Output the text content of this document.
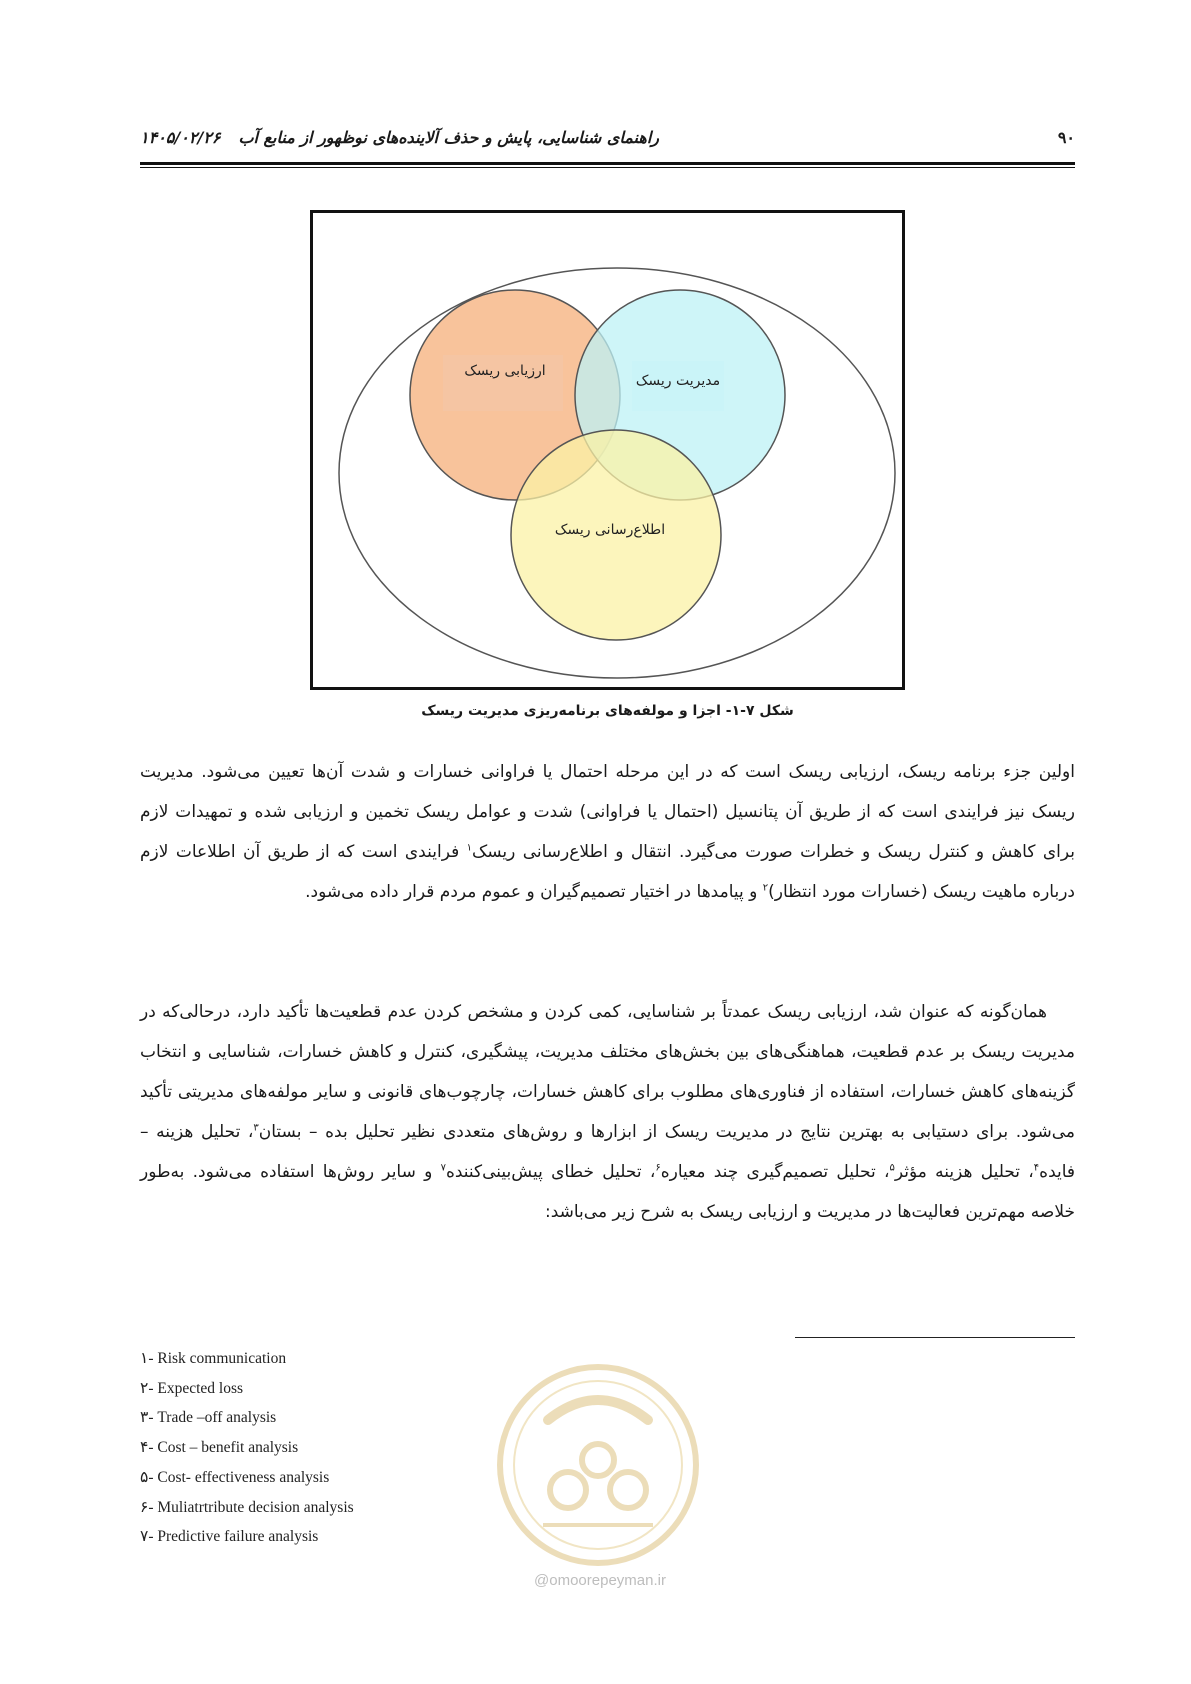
راهنمای شناسایی، پایش و حذف آلاینده‌های نوظهور از منابع آب۱۴۰۵/۰۲/۲۶	۹۰
ارزیابی ریسک
مدیریت ریسک
اطلاع‌رسانی ریسک
شکل ۷-۱- اجزا و مولفه‌های برنامه‌ریزی مدیریت ریسک
اولین جزء برنامه ریسک، ارزیابی ریسک است که در این مرحله احتمال یا فراوانی خسارات و شدت آن‌ها تعیین می‌شود. مدیریت ریسک نیز فرایندی است که از طریق آن پتانسیل (احتمال یا فراوانی) شدت و عوامل ریسک تخمین و ارزیابی شده و تمهیدات لازم برای کاهش و کنترل ریسک و خطرات صورت می‌گیرد. انتقال و اطلاع‌رسانی ریسک$^۱$ فرایندی است که از طریق آن اطلاعات لازم درباره ماهیت ریسک (خسارات مورد انتظار)$^۲$ و پیامدها در اختیار تصمیم‌گیران و عموم مردم قرار داده می‌شود.
همان‌گونه که عنوان شد، ارزیابی ریسک عمدتاً بر شناسایی، کمی کردن و مشخص کردن عدم قطعیت‌ها تأکید دارد، درحالی‌که در مدیریت ریسک بر عدم قطعیت، هماهنگی‌های بین بخش‌های مختلف مدیریت، پیشگیری، کنترل و کاهش خسارات، شناسایی و انتخاب گزینه‌های کاهش خسارات، استفاده از فناوری‌های مطلوب برای کاهش خسارات، چارچوب‌های قانونی و سایر مولفه‌های مدیریتی تأکید می‌شود. برای دستیابی به بهترین نتایج در مدیریت ریسک از ابزارها و روش‌های متعددی نظیر تحلیل بده – بستان$^۳$، تحلیل هزینه – فایده$^۴$، تحلیل هزینه مؤثر$^۵$، تحلیل تصمیم‌گیری چند معیاره$^۶$، تحلیل خطای پیش‌بینی‌کننده$^۷$ و سایر روش‌ها استفاده می‌شود. به‌طور خلاصه مهم‌ترین فعالیت‌ها در مدیریت و ارزیابی ریسک به شرح زیر می‌باشد:
۱- Risk communication
۲- Expected loss
۳- Trade –off analysis
۴- Cost – benefit analysis
۵- Cost- effectiveness analysis
۶- Muliatrtribute decision analysis
۷- Predictive failure analysis
@omoorepeyman.ir
